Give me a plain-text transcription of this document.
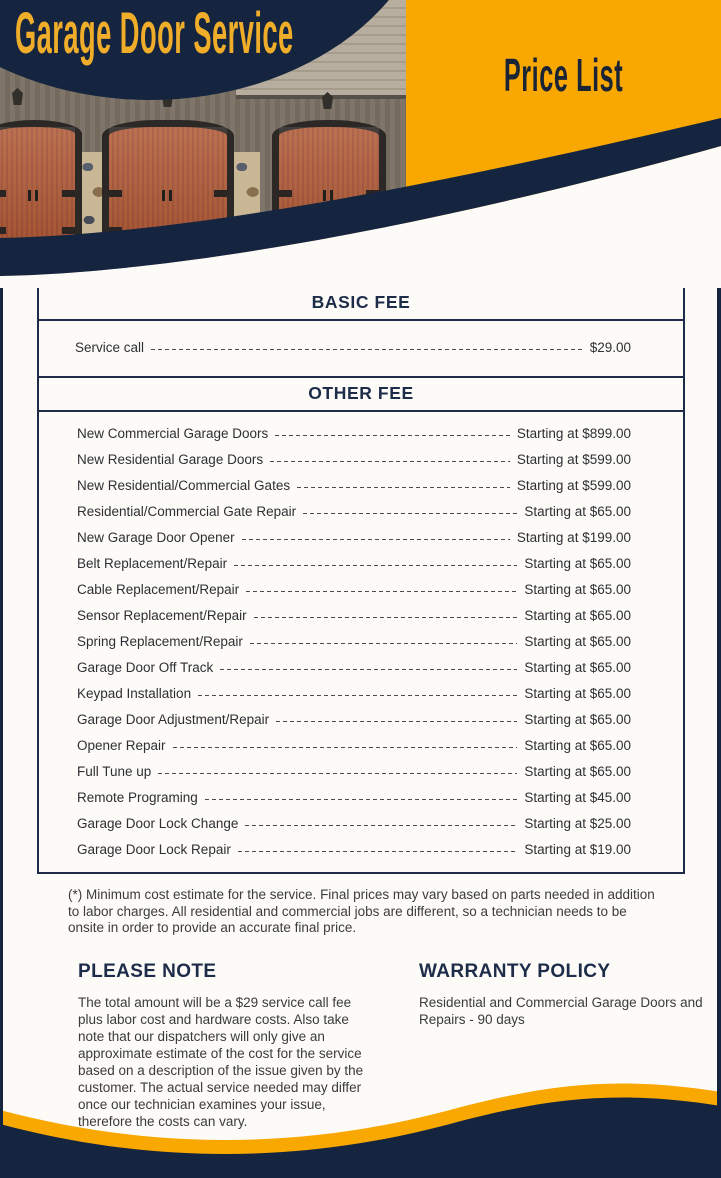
Garage Door Service
Price List
BASIC FEE
Service call	$29.00
OTHER FEE
New Commercial Garage Doors	Starting at $899.00
New Residential Garage Doors	Starting at $599.00
New Residential/Commercial Gates	Starting at $599.00
Residential/Commercial Gate Repair	Starting at $65.00
New Garage Door Opener	Starting at $199.00
Belt Replacement/Repair	Starting at $65.00
Cable Replacement/Repair	Starting at $65.00
Sensor Replacement/Repair	Starting at $65.00
Spring Replacement/Repair	Starting at $65.00
Garage Door Off Track	Starting at $65.00
Keypad Installation	Starting at $65.00
Garage Door Adjustment/Repair	Starting at $65.00
Opener Repair	Starting at $65.00
Full Tune up	Starting at $65.00
Remote Programing	Starting at $45.00
Garage Door Lock Change	Starting at $25.00
Garage Door Lock Repair	Starting at $19.00

(*) Minimum cost estimate for the service. Final prices may vary based on parts needed in addition to labor charges. All residential and commercial jobs are different, so a technician needs to be onsite in order to provide an accurate final price.

PLEASE NOTE

The total amount will be a $29 service call fee plus labor cost and hardware costs. Also take note that our dispatchers will only give an approximate estimate of the cost for the service based on a description of the issue given by the customer. The actual service needed may differ once our technician examines your issue, therefore the costs can vary.

WARRANTY POLICY

Residential and Commercial Garage Doors and Repairs - 90 days
